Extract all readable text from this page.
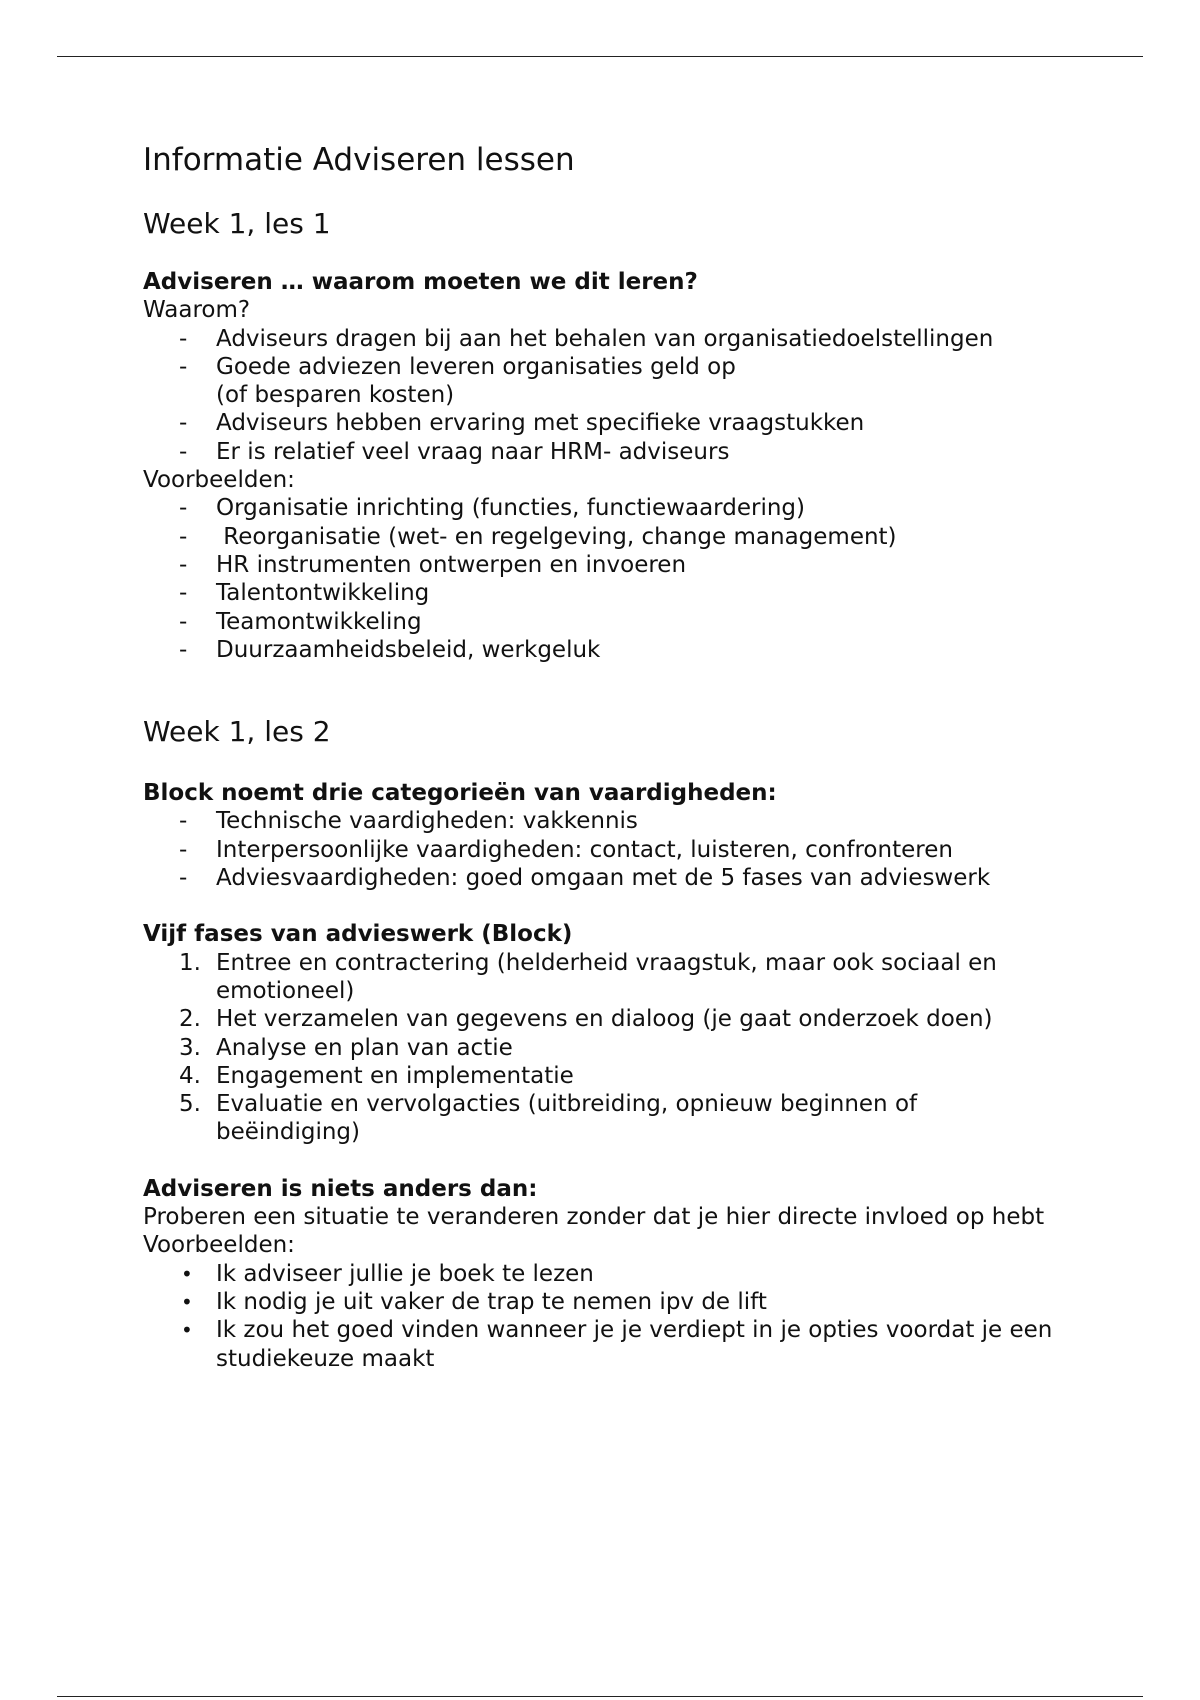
Informatie Adviseren lessen
Week 1, les 1

Adviseren … waarom moeten we dit leren?

Waarom?

- Adviseurs dragen bij aan het behalen van organisatiedoelstellingen
- Goede adviezen leveren organisaties geld op
(of besparen kosten)
- Adviseurs hebben ervaring met specifieke vraagstukken
- Er is relatief veel vraag naar HRM- adviseurs

Voorbeelden:

- Organisatie inrichting (functies, functiewaardering)
- Reorganisatie (wet- en regelgeving, change management)
- HR instrumenten ontwerpen en invoeren
- Talentontwikkeling
- Teamontwikkeling
- Duurzaamheidsbeleid, werkgeluk
Week 1, les 2

Block noemt drie categorieën van vaardigheden:

- Technische vaardigheden: vakkennis
- Interpersoonlijke vaardigheden: contact, luisteren, confronteren
- Adviesvaardigheden: goed omgaan met de 5 fases van advieswerk

Vijf fases van advieswerk (Block)

1. Entree en contractering (helderheid vraagstuk, maar ook sociaal en emotioneel)
2. Het verzamelen van gegevens en dialoog (je gaat onderzoek doen)
3. Analyse en plan van actie
4. Engagement en implementatie
5. Evaluatie en vervolgacties (uitbreiding, opnieuw beginnen of beëindiging)

Adviseren is niets anders dan:

Proberen een situatie te veranderen zonder dat je hier directe invloed op hebt

Voorbeelden:

• Ik adviseer jullie je boek te lezen
• Ik nodig je uit vaker de trap te nemen ipv de lift
• Ik zou het goed vinden wanneer je je verdiept in je opties voordat je een studiekeuze maakt
